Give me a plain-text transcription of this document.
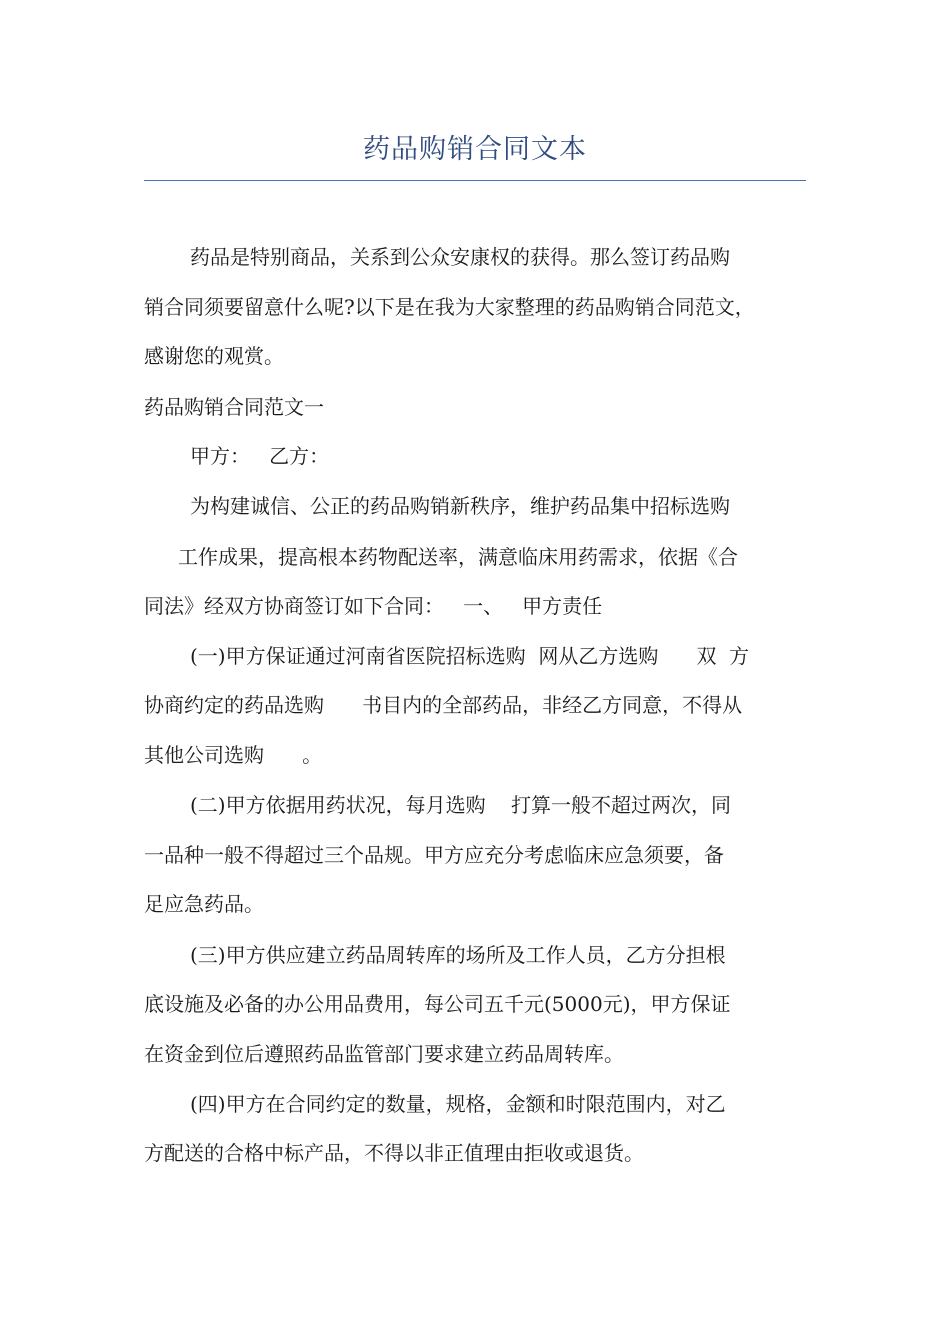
药品购销合同文本
药品是特别商品，关系到公众安康权的获得。那么签订药品购
销合同须要留意什么呢?以下是在我为大家整理的药品购销合同范文，
感谢您的观赏。
药品购销合同范文一
甲方：   乙方：
为构建诚信、公正的药品购销新秩序，维护药品集中招标选购
工作成果，提高根本药物配送率，满意临床用药需求，依据《合
同法》经双方协商签订如下合同：   一、   甲方责任
(一)甲方保证通过河南省医院招标选购  网从乙方选购      双  方
协商约定的药品选购      书目内的全部药品，非经乙方同意，不得从
其他公司选购      。
(二)甲方依据用药状况，每月选购    打算一般不超过两次，同
一品种一般不得超过三个品规。甲方应充分考虑临床应急须要，备
足应急药品。
(三)甲方供应建立药品周转库的场所及工作人员，乙方分担根
底设施及必备的办公用品费用，每公司五千元(5000元)，甲方保证
在资金到位后遵照药品监管部门要求建立药品周转库。
(四)甲方在合同约定的数量，规格，金额和时限范围内，对乙
方配送的合格中标产品，不得以非正值理由拒收或退货。
